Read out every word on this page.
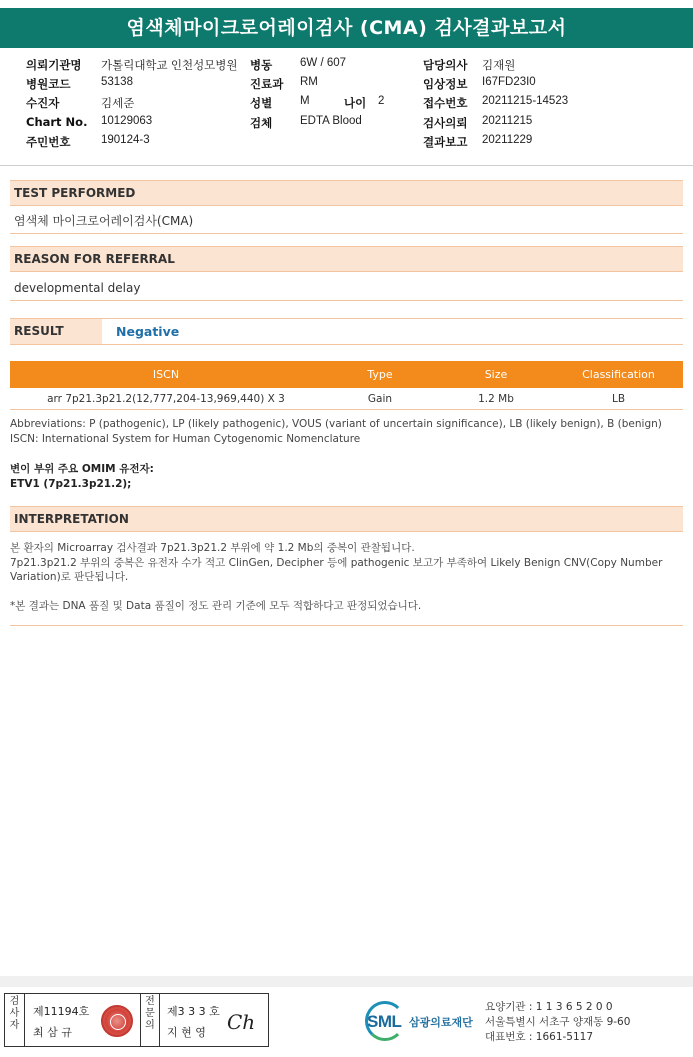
염색체마이크로어레이검사 (CMA) 검사결과보고서
의뢰기관명 가톨릭대학교 인천성모병원
병원코드	53138
수진자	김세준
Chart No. 10129063
주민번호	190124-3
병동 6W / 607
진료과 RM
성별 M	나이 2
검체 EDTA Blood
담당의사 김재원
임상정보 I67FD23I0
접수번호 20211215-14523
검사의뢰 20211215
결과보고 20211229
TEST PERFORMED
염색체 마이크로어레이검사(CMA)
REASON FOR REFERRAL
developmental delay
RESULT	Negative
ISCN	Type	Size	Classification
arr 7p21.3p21.2(12,777,204-13,969,440) X 3	Gain	1.2 Mb	LB
Abbreviations: P (pathogenic), LP (likely pathogenic), VOUS (variant of uncertain significance), LB (likely benign), B (benign)
ISCN: International System for Human Cytogenomic Nomenclature
변이 부위 주요 OMIM 유전자:
ETV1 (7p21.3p21.2);
INTERPRETATION
본 환자의 Microarray 검사결과 7p21.3p21.2 부위에 약 1.2 Mb의 중복이 관찰됩니다.
7p21.3p21.2 부위의 중복은 유전자 수가 적고 ClinGen, Decipher 등에 pathogenic 보고가 부족하여 Likely Benign CNV(Copy Number
Variation)로 판단됩니다.
*본 결과는 DNA 품질 및 Data 품질이 정도 관리 기준에 모두 적합하다고 판정되었습니다.
검사자
제11194호
최 삼 규
전문의
제3 3 3 호
지 현 영 Ch	SML 삼광의료재단
요양기관 : 1 1 3 6 5 2 0 0
서울특별시 서초구 양재동 9-60
대표번호 : 1661-5117
